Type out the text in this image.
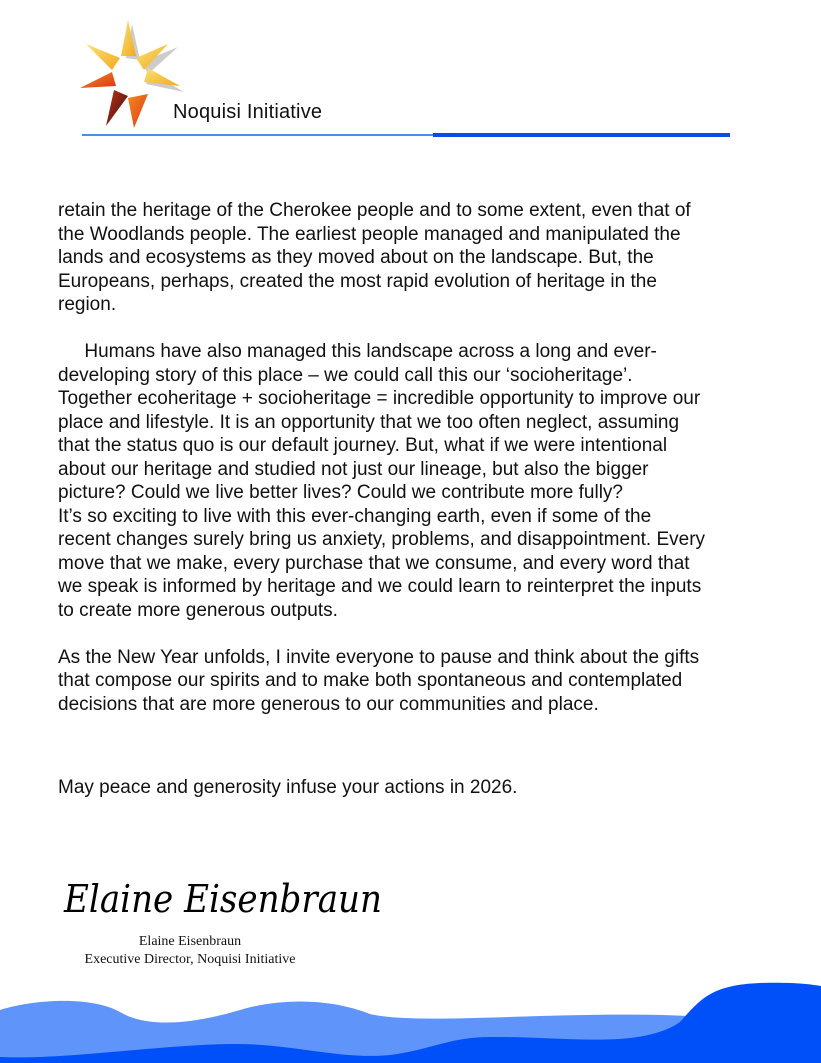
Noquisi Initiative
retain the heritage of the Cherokee people and to some extent, even that of
the Woodlands people. The earliest people managed and manipulated the
lands and ecosystems as they moved about on the landscape. But, the
Europeans, perhaps, created the most rapid evolution of heritage in the
region.
Humans have also managed this landscape across a long and ever-
developing story of this place – we could call this our ‘socioheritage’.
Together ecoheritage + socioheritage = incredible opportunity to improve our
place and lifestyle. It is an opportunity that we too often neglect, assuming
that the status quo is our default journey. But, what if we were intentional
about our heritage and studied not just our lineage, but also the bigger
picture? Could we live better lives? Could we contribute more fully?
It’s so exciting to live with this ever-changing earth, even if some of the
recent changes surely bring us anxiety, problems, and disappointment. Every
move that we make, every purchase that we consume, and every word that
we speak is informed by heritage and we could learn to reinterpret the inputs
to create more generous outputs.
As the New Year unfolds, I invite everyone to pause and think about the gifts
that compose our spirits and to make both spontaneous and contemplated
decisions that are more generous to our communities and place.
May peace and generosity infuse your actions in 2026.
Elaine Eisenbraun
Elaine Eisenbraun
Executive Director, Noquisi Initiative
